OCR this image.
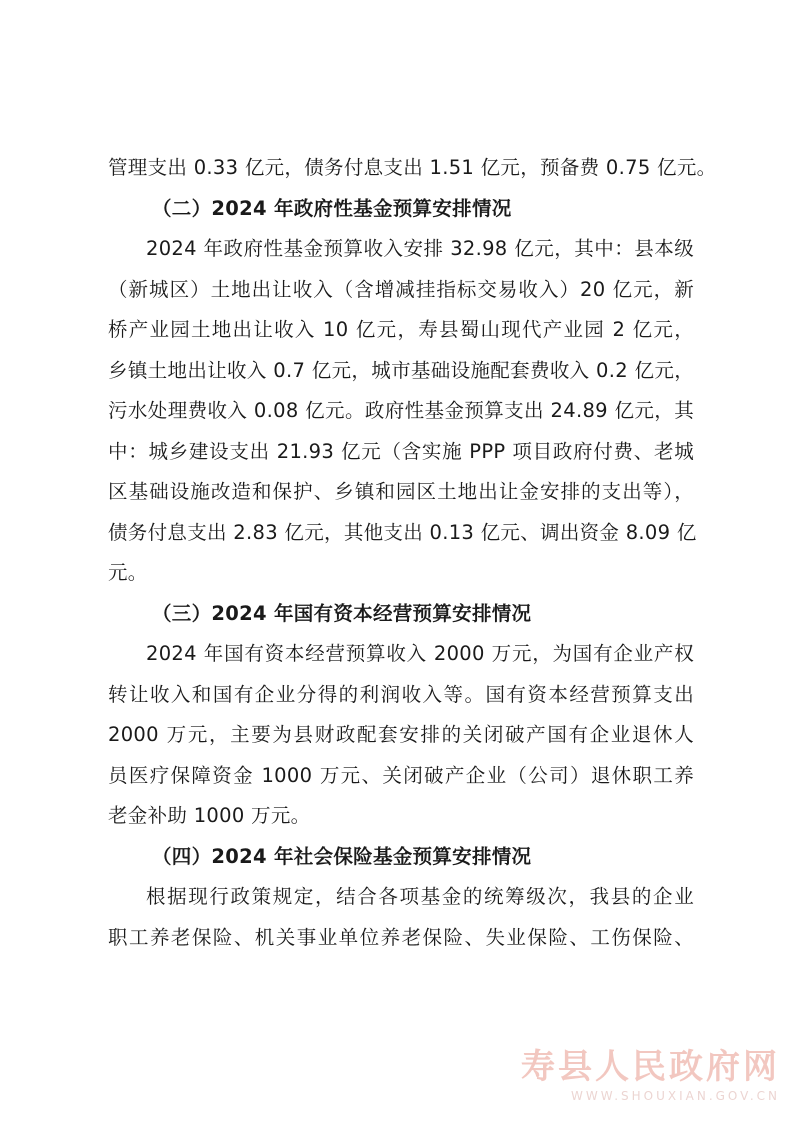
管理支出 0.33 亿元，债务付息支出 1.51 亿元，预备费 0.75 亿元。
（二）2024 年政府性基金预算安排情况
2024 年政府性基金预算收入安排 32.98 亿元，其中：县本级
（新城区）土地出让收入（含增减挂指标交易收入）20 亿元，新
桥产业园土地出让收入 10 亿元，寿县蜀山现代产业园 2 亿元，
乡镇土地出让收入 0.7 亿元，城市基础设施配套费收入 0.2 亿元，
污水处理费收入 0.08 亿元。政府性基金预算支出 24.89 亿元，其
中：城乡建设支出 21.93 亿元（含实施 PPP 项目政府付费、老城
区基础设施改造和保护、乡镇和园区土地出让金安排的支出等），
债务付息支出 2.83 亿元，其他支出 0.13 亿元、调出资金 8.09 亿
元。
（三）2024 年国有资本经营预算安排情况
2024 年国有资本经营预算收入 2000 万元，为国有企业产权
转让收入和国有企业分得的利润收入等。国有资本经营预算支出
2000 万元，主要为县财政配套安排的关闭破产国有企业退休人
员医疗保障资金 1000 万元、关闭破产企业（公司）退休职工养
老金补助 1000 万元。
（四）2024 年社会保险基金预算安排情况
根据现行政策规定，结合各项基金的统筹级次，我县的企业
职工养老保险、机关事业单位养老保险、失业保险、工伤保险、
寿县人民政府网
WWW.SHOUXIAN.GOV.CN
